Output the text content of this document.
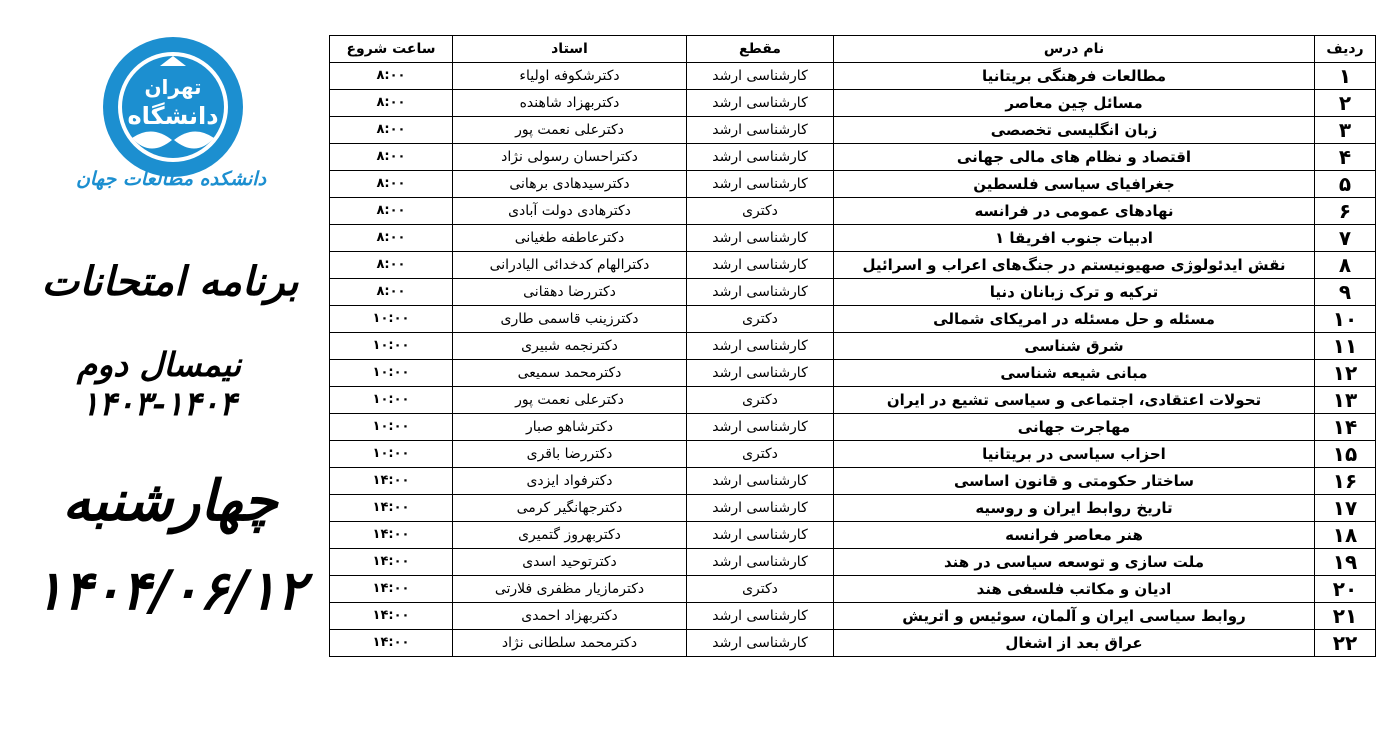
تهران
دانشگاه
دانشکده مطالعات جهان
برنامه امتحانات
نیمسال دوم ۱۴۰۴-۱۴۰۳
چهارشنبه
۱۴۰۴/۰۶/۱۲
ردیف	نام درس	مقطع	استاد	ساعت شروع
۱	مطالعات فرهنگی بریتانیا	کارشناسی ارشد	دکترشکوفه اولیاء	۸:۰۰
۲	مسائل چین معاصر	کارشناسی ارشد	دکتربهزاد شاهنده	۸:۰۰
۳	زبان انگلیسی تخصصی	کارشناسی ارشد	دکترعلی نعمت پور	۸:۰۰
۴	اقتصاد و نظام های مالی جهانی	کارشناسی ارشد	دکتراحسان رسولی نژاد	۸:۰۰
۵	جغرافیای سیاسی فلسطین	کارشناسی ارشد	دکترسیدهادی برهانی	۸:۰۰
۶	نهادهای عمومی در فرانسه	دکتری	دکترهادی دولت آبادی	۸:۰۰
۷	ادبیات جنوب افریقا ۱	کارشناسی ارشد	دکترعاطفه طغیانی	۸:۰۰
۸	نقش ایدئولوژی صهیونیستم در جنگ‌های اعراب و اسرائیل	کارشناسی ارشد	دکترالهام کدخدائی الیادرانی	۸:۰۰
۹	ترکیه و ترک زبانان دنیا	کارشناسی ارشد	دکتررضا دهقانی	۸:۰۰
۱۰	مسئله و حل مسئله در امریکای شمالی	دکتری	دکترزینب قاسمی طاری	۱۰:۰۰
۱۱	شرق شناسی	کارشناسی ارشد	دکترنجمه شبیری	۱۰:۰۰
۱۲	مبانی شیعه شناسی	کارشناسی ارشد	دکترمحمد سمیعی	۱۰:۰۰
۱۳	تحولات اعتقادی، اجتماعی و سیاسی تشیع در ایران	دکتری	دکترعلی نعمت پور	۱۰:۰۰
۱۴	مهاجرت جهانی	کارشناسی ارشد	دکترشاهو صبار	۱۰:۰۰
۱۵	احزاب سیاسی در بریتانیا	دکتری	دکتررضا باقری	۱۰:۰۰
۱۶	ساختار حکومتی و قانون اساسی	کارشناسی ارشد	دکترفواد ایزدی	۱۴:۰۰
۱۷	تاریخ روابط ایران و روسیه	کارشناسی ارشد	دکترجهانگیر کرمی	۱۴:۰۰
۱۸	هنر معاصر فرانسه	کارشناسی ارشد	دکتربهروز گتمیری	۱۴:۰۰
۱۹	ملت سازی و توسعه سیاسی در هند	کارشناسی ارشد	دکترتوحید اسدی	۱۴:۰۰
۲۰	ادیان و مکاتب فلسفی هند	دکتری	دکترمازیار مظفری فلارتی	۱۴:۰۰
۲۱	روابط سیاسی ایران و آلمان، سوئیس و اتریش	کارشناسی ارشد	دکتربهزاد احمدی	۱۴:۰۰
۲۲	عراق بعد از اشغال	کارشناسی ارشد	دکترمحمد سلطانی نژاد	۱۴:۰۰
